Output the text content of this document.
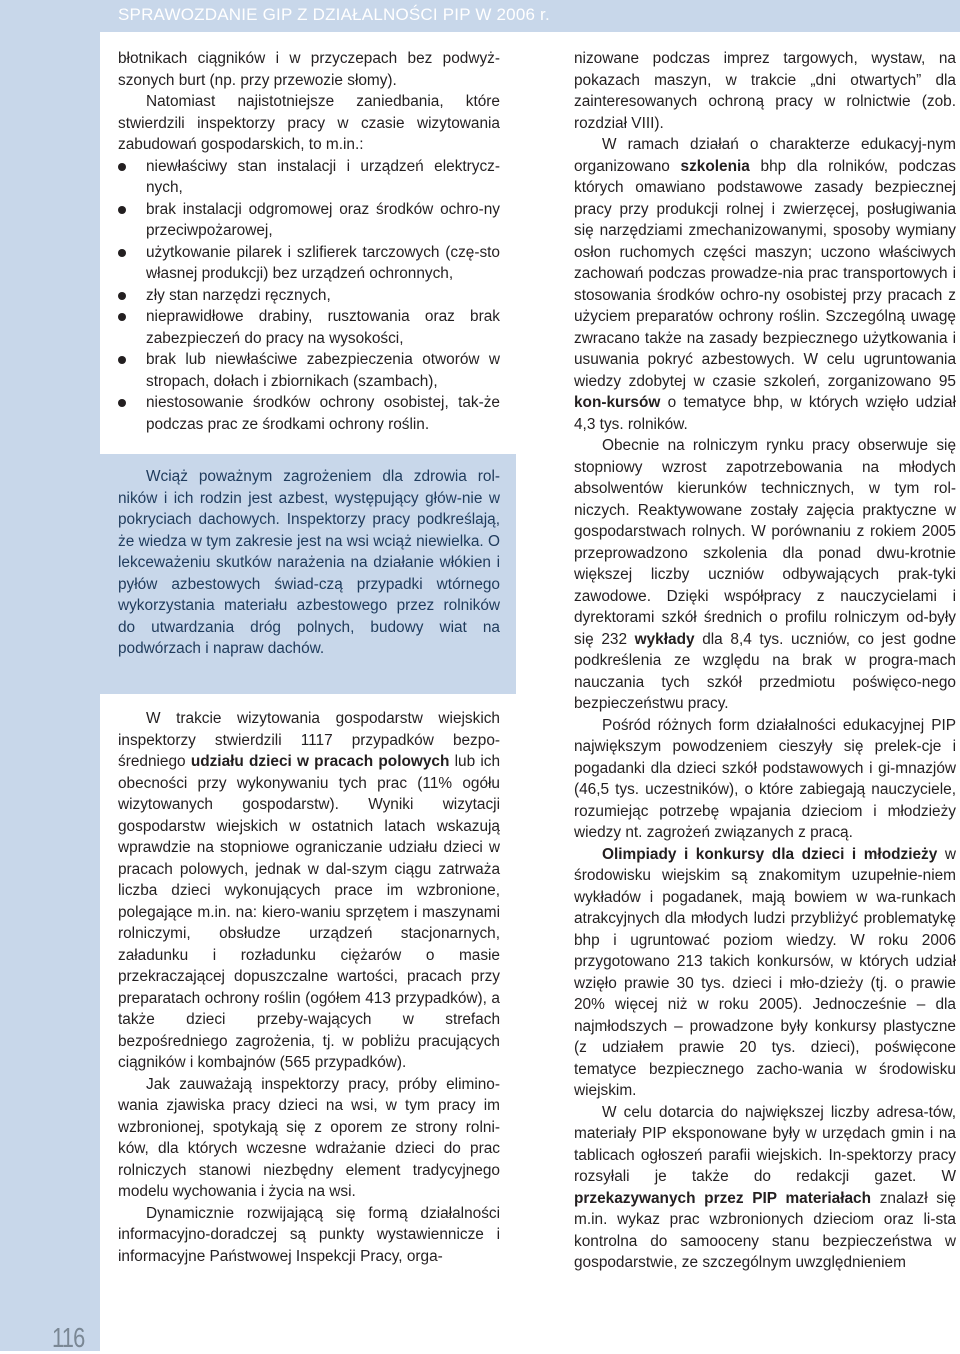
SPRAWOZDANIE GIP Z DZIAŁALNOŚCI PIP W 2006 r.
116

błotnikach ciągników i w przyczepach bez podwyż-szonych burt (np. przy przewozie słomy).

Natomiast najistotniejsze zaniedbania, które stwierdzili inspektorzy pracy w czasie wizytowania zabudowań gospodarskich, to m.in.:

niewłaściwy stan instalacji i urządzeń elektrycz-nych,
brak instalacji odgromowej oraz środków ochro-ny przeciwpożarowej,
użytkowanie pilarek i szlifierek tarczowych (czę-sto własnej produkcji) bez urządzeń ochronnych,
zły stan narzędzi ręcznych,
nieprawidłowe drabiny, rusztowania oraz brak zabezpieczeń do pracy na wysokości,
brak lub niewłaściwe zabezpieczenia otworów w stropach, dołach i zbiornikach (szambach),
niestosowanie środków ochrony osobistej, tak-że podczas prac ze środkami ochrony roślin.

Wciąż poważnym zagrożeniem dla zdrowia rol-ników i ich rodzin jest azbest, występujący głów-nie w pokryciach dachowych. Inspektorzy pracy podkreślają, że wiedza w tym zakresie jest na wsi wciąż niewielka. O lekceważeniu skutków narażenia na działanie włókien i pyłów azbestowych świad-czą przypadki wtórnego wykorzystania materiału azbestowego przez rolników do utwardzania dróg polnych, budowy wiat na podwórzach i napraw dachów.

W trakcie wizytowania gospodarstw wiejskich inspektorzy stwierdzili 1117 przypadków bezpo-średniego udziału dzieci w pracach polowych lub ich obecności przy wykonywaniu tych prac (11% ogółu wizytowanych gospodarstw). Wyniki wizytacji gospodarstw wiejskich w ostatnich latach wskazują wprawdzie na stopniowe ograniczanie udziału dzieci w pracach polowych, jednak w dal-szym ciągu zatrważa liczba dzieci wykonujących prace im wzbronione, polegające m.in. na: kiero-waniu sprzętem i maszynami rolniczymi, obsłudze urządzeń stacjonarnych, załadunku i rozładunku ciężarów o masie przekraczającej dopuszczalne wartości, pracach przy preparatach ochrony roślin (ogółem 413 przypadków), a także dzieci przeby-wających w strefach bezpośredniego zagrożenia, tj. w pobliżu pracujących ciągników i kombajnów (565 przypadków).

Jak zauważają inspektorzy pracy, próby elimino-wania zjawiska pracy dzieci na wsi, w tym pracy im wzbronionej, spotykają się z oporem ze strony rolni-ków, dla których wczesne wdrażanie dzieci do prac rolniczych stanowi niezbędny element tradycyjnego modelu wychowania i życia na wsi.

Dynamicznie rozwijającą się formą działalności informacyjno-doradczej są punkty wystawiennicze i informacyjne Państwowej Inspekcji Pracy, orga-

nizowane podczas imprez targowych, wystaw, na pokazach maszyn, w trakcie „dni otwartych” dla zainteresowanych ochroną pracy w rolnictwie (zob. rozdział VIII).

W ramach działań o charakterze edukacyj-nym organizowano szkolenia bhp dla rolników, podczas których omawiano podstawowe zasady bezpiecznej pracy przy produkcji rolnej i zwierzęcej, posługiwania się narzędziami zmechanizowanymi, sposoby wymiany osłon ruchomych części maszyn; uczono właściwych zachowań podczas prowadze-nia prac transportowych i stosowania środków ochro-ny osobistej przy pracach z użyciem preparatów ochrony roślin. Szczególną uwagę zwracano także na zasady bezpiecznego użytkowania i usuwania pokryć azbestowych. W celu ugruntowania wiedzy zdobytej w czasie szkoleń, zorganizowano 95 kon-kursów o tematyce bhp, w których wzięło udział 4,3 tys. rolników.

Obecnie na rolniczym rynku pracy obserwuje się stopniowy wzrost zapotrzebowania na młodych absolwentów kierunków technicznych, w tym rol-niczych. Reaktywowane zostały zajęcia praktyczne w gospodarstwach rolnych. W porównaniu z rokiem 2005 przeprowadzono szkolenia dla ponad dwu-krotnie większej liczby uczniów odbywających prak-tyki zawodowe. Dzięki współpracy z nauczycielami i dyrektorami szkół średnich o profilu rolniczym od-były się 232 wykłady dla 8,4 tys. uczniów, co jest godne podkreślenia ze względu na brak w progra-mach nauczania tych szkół przedmiotu poświęco-nego bezpieczeństwu pracy.

Pośród różnych form działalności edukacyjnej PIP największym powodzeniem cieszyły się prelek-cje i pogadanki dla dzieci szkół podstawowych i gi-mnazjów (46,5 tys. uczestników), o które zabiegają nauczyciele, rozumiejąc potrzebę wpajania dzieciom i młodzieży wiedzy nt. zagrożeń związanych z pracą.

Olimpiady i konkursy dla dzieci i młodzieży w środowisku wiejskim są znakomitym uzupełnie-niem wykładów i pogadanek, mają bowiem w wa-runkach atrakcyjnych dla młodych ludzi przybliżyć problematykę bhp i ugruntować poziom wiedzy. W roku 2006 przygotowano 213 takich konkursów, w których udział wzięło prawie 30 tys. dzieci i mło-dzieży (tj. o prawie 20% więcej niż w roku 2005). Jednocześnie – dla najmłodszych – prowadzone były konkursy plastyczne (z udziałem prawie 20 tys. dzieci), poświęcone tematyce bezpiecznego zacho-wania w środowisku wiejskim.

W celu dotarcia do największej liczby adresa-tów, materiały PIP eksponowane były w urzędach gmin i na tablicach ogłoszeń parafii wiejskich. In-spektorzy pracy rozsyłali je także do redakcji gazet. W przekazywanych przez PIP materiałach znalazł się m.in. wykaz prac wzbronionych dzieciom oraz li-sta kontrolna do samooceny stanu bezpieczeństwa w gospodarstwie, ze szczególnym uwzględnieniem
